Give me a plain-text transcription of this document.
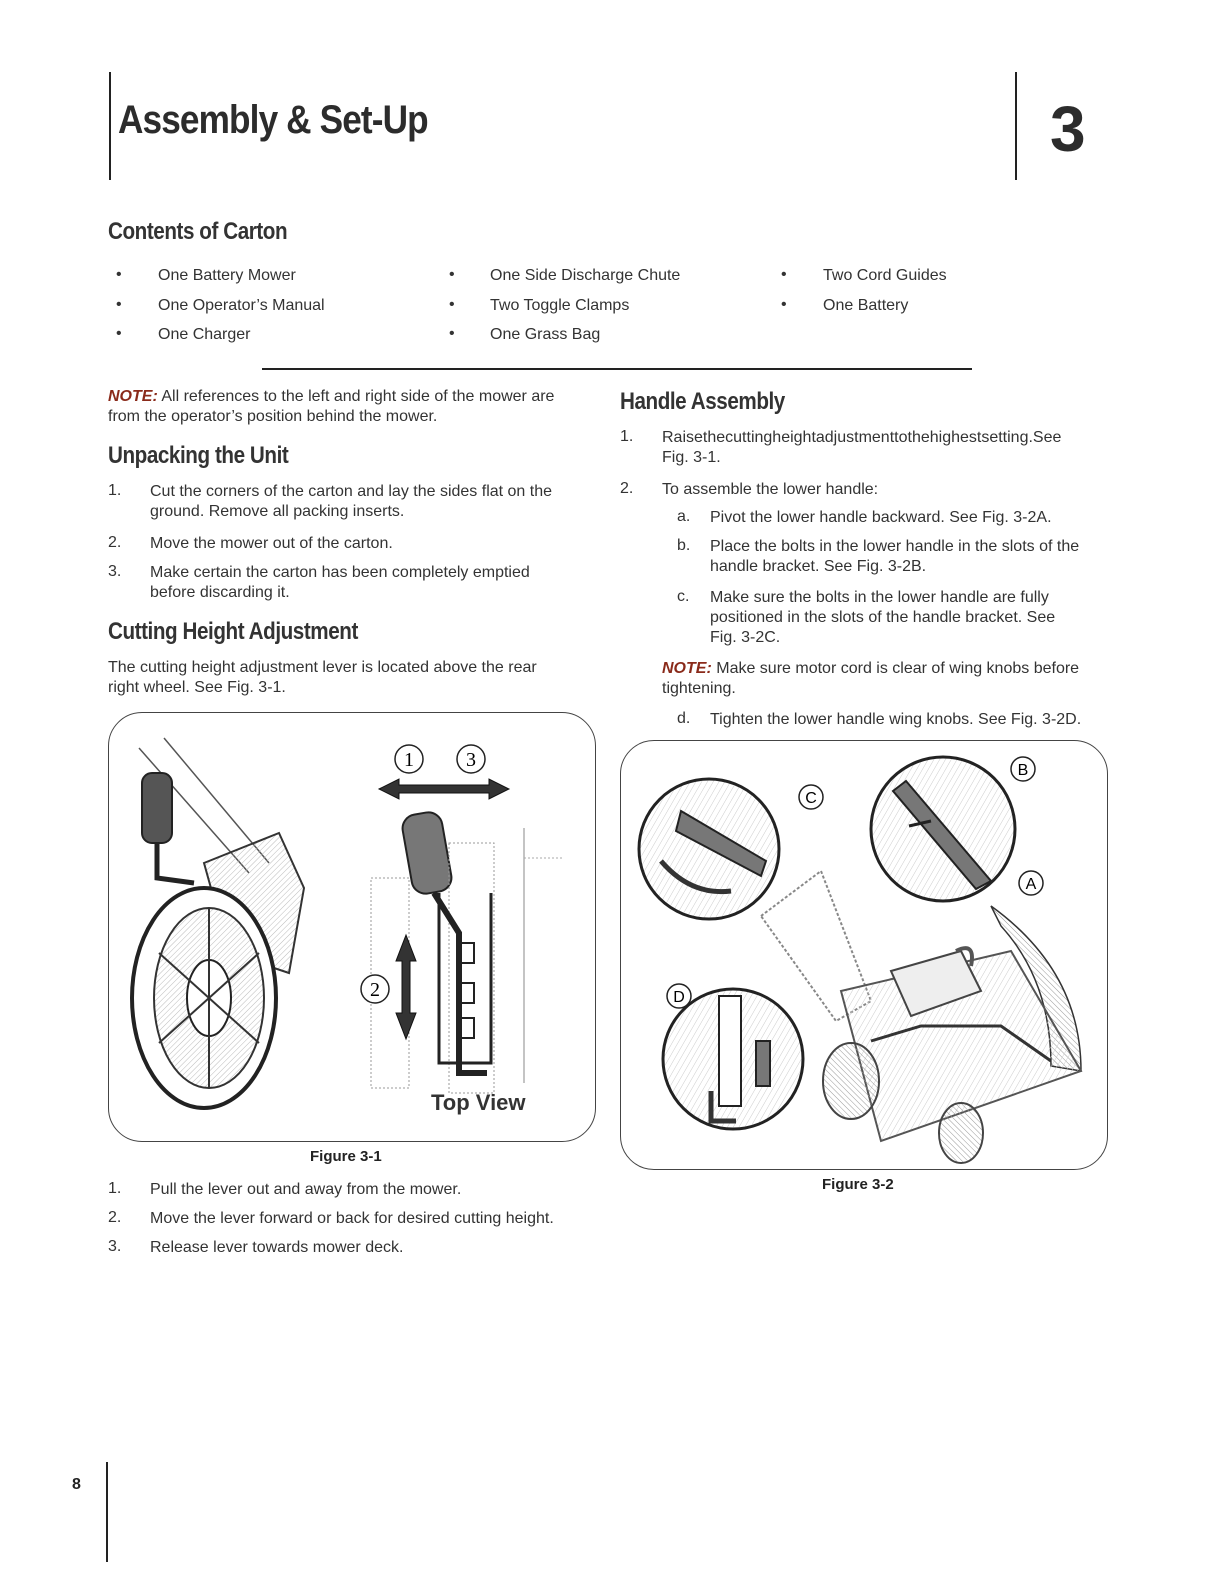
Assembly & Set-Up	3
Contents of Carton
• One Battery Mower
• One Operator’s Manual
• One Charger
• One Side Discharge Chute
• Two Toggle Clamps
• One Grass Bag
• Two Cord Guides
• One Battery
NOTE: All references to the left and right side of the mower are
from the operator’s position behind the mower.
Unpacking the Unit
1. Cut the corners of the carton and lay the sides flat on the
ground. Remove all packing inserts.
2. Move the mower out of the carton.
3. Make certain the carton has been completely emptied
before discarding it.
Cutting Height Adjustment
The cutting height adjustment lever is located above the rear
right wheel. See Fig. 3-1.
1	3
2
Top View
Figure 3-1
1. Pull the lever out and away from the mower.
2. Move the lever forward or back for desired cutting height.
3. Release lever towards mower deck.
Handle Assembly
1. Raisethecuttingheightadjustmenttothehighestsetting.See
Fig. 3-1.
2. To assemble the lower handle:
a. Pivot the lower handle backward. See Fig. 3-2A.
b. Place the bolts in the lower handle in the slots of the
handle bracket. See Fig. 3-2B.
c. Make sure the bolts in the lower handle are fully
positioned in the slots of the handle bracket. See
Fig. 3-2C.
NOTE: Make sure motor cord is clear of wing knobs before
tightening.
d. Tighten the lower handle wing knobs. See Fig. 3-2D.
C
B
A
D
Figure 3-2
8
